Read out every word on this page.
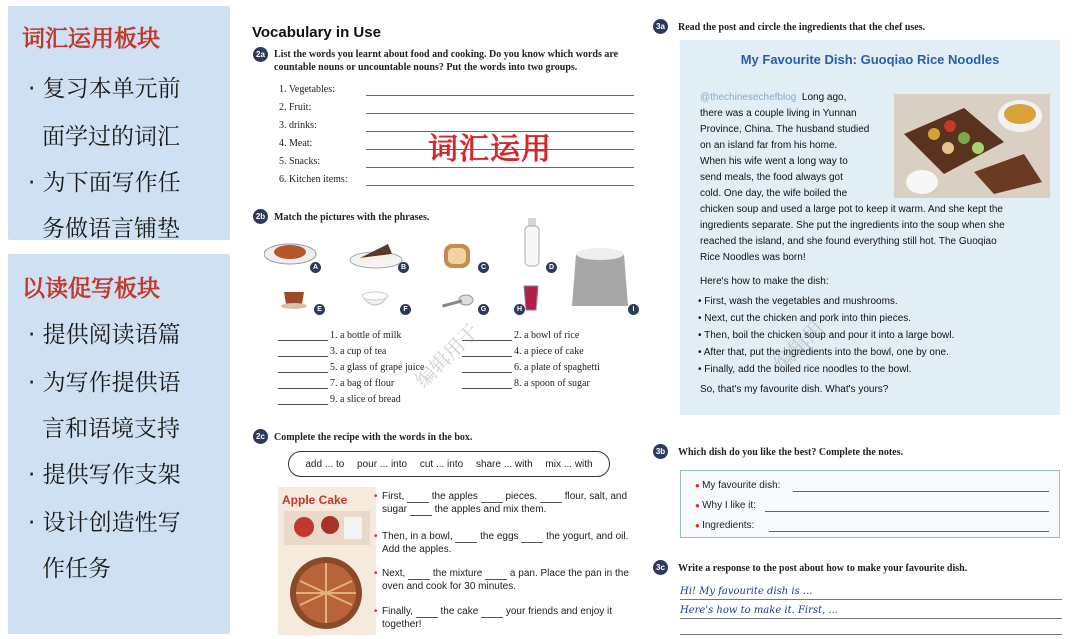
词汇运用板块
· 复习本单元前
面学过的词汇
· 为下面写作任
务做语言铺垫
以读促写板块
· 提供阅读语篇
· 为写作提供语
言和语境支持
· 提供写作支架
· 设计创造性写
作任务
Vocabulary in Use
2a List the words you learnt about food and cooking. Do you know which words are countable nouns or uncountable nouns? Put the words into two groups.
1. Vegetables:
2. Fruit:
3. drinks:
4. Meat:
5. Snacks:
6. Kitchen items:
词汇运用
2b Match the pictures with the phrases.
A	B	C	D
E	F	G	H	I
1. a bottle of milk
3. a cup of tea
5. a glass of grape juice
7. a bag of flour
9. a slice of bread
2. a bowl of rice
4. a piece of cake
6. a plate of spaghetti
8. a spoon of sugar
编辑用于
2c Complete the recipe with the words in the box.
add ... to pour ... into cut ... into share ... with mix ... with
Apple Cake
•	First,  the apples  pieces.  flour, salt, and sugar  the apples and mix them.
• Then, in a bowl,  the eggs  the yogurt, and oil. Add the apples.
• Next,  the mixture  a pan. Place the pan in the oven and cook for 30 minutes.
• Finally,  the cake  your friends and enjoy it together!
3a	Read the post and circle the ingredients that the chef uses.
My Favourite Dish: Guoqiao Rice Noodles
@thechinesechefblog Long ago,
there was a couple living in Yunnan
Province, China. The husband studied
on an island far from his home.
When his wife went a long way to
send meals, the food always got
cold. One day, the wife boiled the
chicken soup and used a large pot to keep it warm. And she kept the
ingredients separate. She put the ingredients into the soup when she
reached the island, and she found everything still hot. The Guoqiao
Rice Noodles was born!
Here's how to make the dish:
• First, wash the vegetables and mushrooms.
• Next, cut the chicken and pork into thin pieces.
• Then, boil the chicken soup and pour it into a large bowl.
• After that, put the ingredients into the bowl, one by one.
• Finally, add the boiled rice noodles to the bowl.
So, that's my favourite dish. What's yours?
编辑用
3b Which dish do you like the best? Complete the notes.
● My favourite dish:
● Why I like it:
● Ingredients:
3c	Write a response to the post about how to make your favourite dish.
Hi! My favourite dish is ...
Here's how to make it. First, ...
